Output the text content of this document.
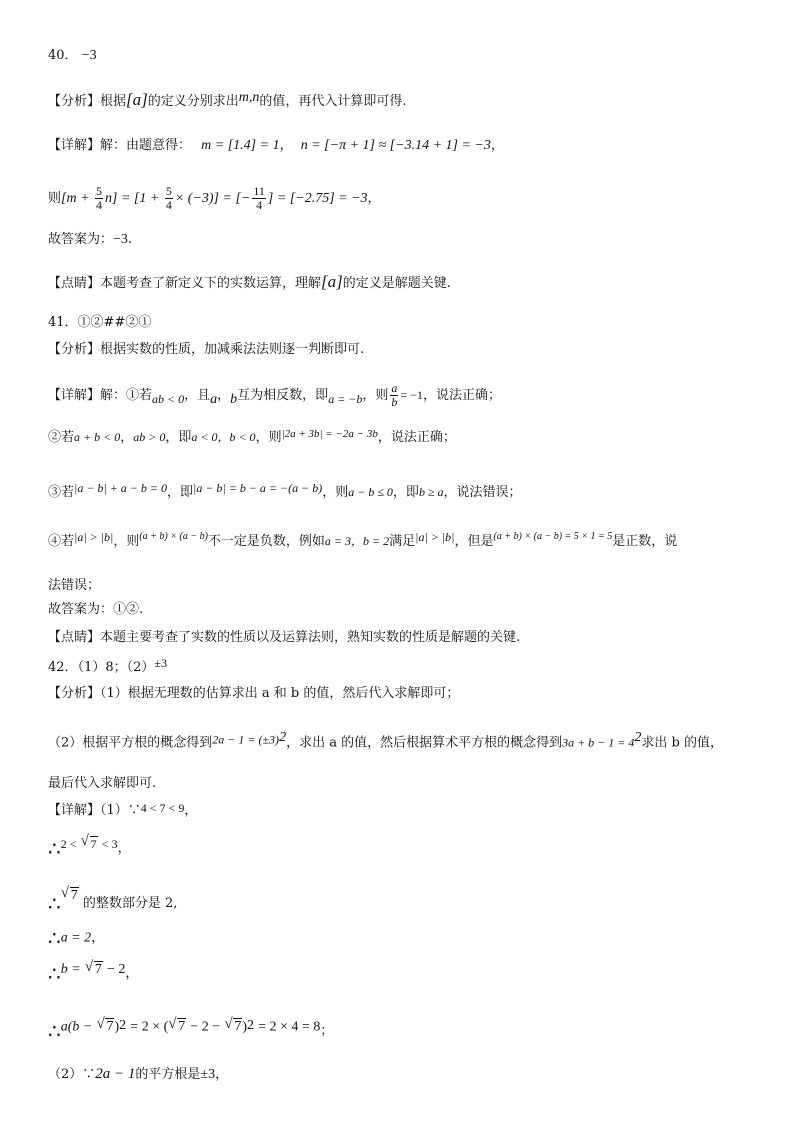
40． −3
【分析】根据[a]的定义分别求出m,n的值，再代入计算即可得.
【详解】解：由题意得： m = [1.4] = 1， n = [−π + 1] ≈ [−3.14 + 1] = −3，
则$[m + \frac{5}{4} n] = [1 + \frac{5}{4} \times (-3)]$ = [− $\frac{11}{4}$ ] = [−2.75] = −3，
故答案为：−3.
【点睛】本题考查了新定义下的实数运算，理解[a]的定义是解题关键.
41．①②##②①
【分析】根据实数的性质，加减乘法法则逐一判断即可.
【详解】解：①若ab < 0，且a，b互为相反数，即a = −b，则 $\frac{a}{b} = -1$，说法正确；
②若a + b < 0，ab > 0，即a < 0，b < 0，则$^{|2a + 3b| = -2a - 3b}$，说法正确；
③若|a − b| + a − b = 0，即|a − b| = b − a = −(a − b)，则a − b ≤ 0，即b ≥ a，说法错误；
④若|a| > |b|，则$^{(a + b) \times (a - b)}$不一定是负数，例如a = 3，b = 2满足|a| > |b|，但是$^{(a + b) \times (a - b) = 5 \times 1 = 5}$是正数，说
法错误；
故答案为：①②.
【点睛】本题主要考查了实数的性质以及运算法则，熟知实数的性质是解题的关键.
42．（1）8；（2）±3
【分析】（1）根据无理数的估算求出 a 和 b 的值，然后代入求解即可；
（2）根据平方根的概念得到$2a - 1 = (\pm 3)^2$，求出 a 的值，然后根据算术平方根的概念得到$3a + b - 1 = 4^2$求出 b 的值，
最后代入求解即可.
【详解】（1）∵4 < 7 < 9，
∴2 < √ 7 < 3，
∴ √ 7 的整数部分是 2,
∴a = 2，
∴b = √ 7 − 2，
∴a(b − √ 7)$^2$ = 2 × ( √ 7 − 2 − √ 7)$^2$ = 2 × 4 = 8；
（2）∵2a − 1的平方根是±3，
